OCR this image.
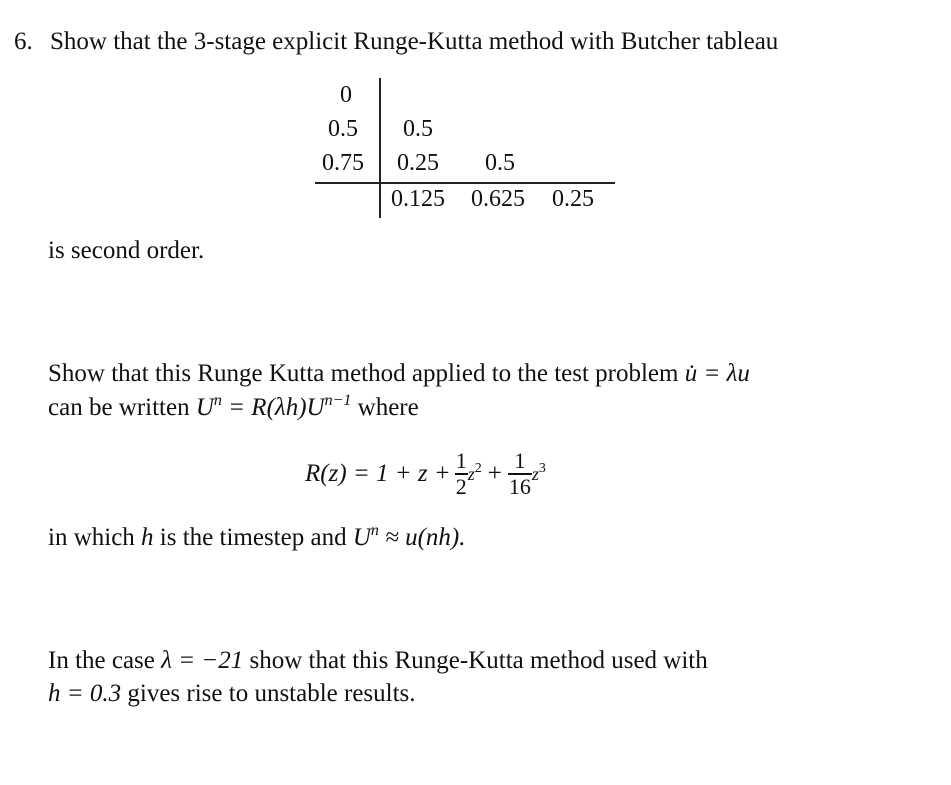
6. Show that the 3-stage explicit Runge-Kutta method with Butcher tableau
0
0.5
0.75
0.5
0.25 0.5
0.125 0.625 0.25
is second order.
Show that this Runge Kutta method applied to the test problem u̇ = λu
can be written $U^n = R(\lambda h)U^{n-1}$ where
$R(z) = 1 + z + \frac{1}{2} z^2 + \frac{1}{16} z^3$
in which h is the timestep and $U^n \approx u(nh)$.
In the case λ = −21 show that this Runge-Kutta method used with
h = 0.3 gives rise to unstable results.
